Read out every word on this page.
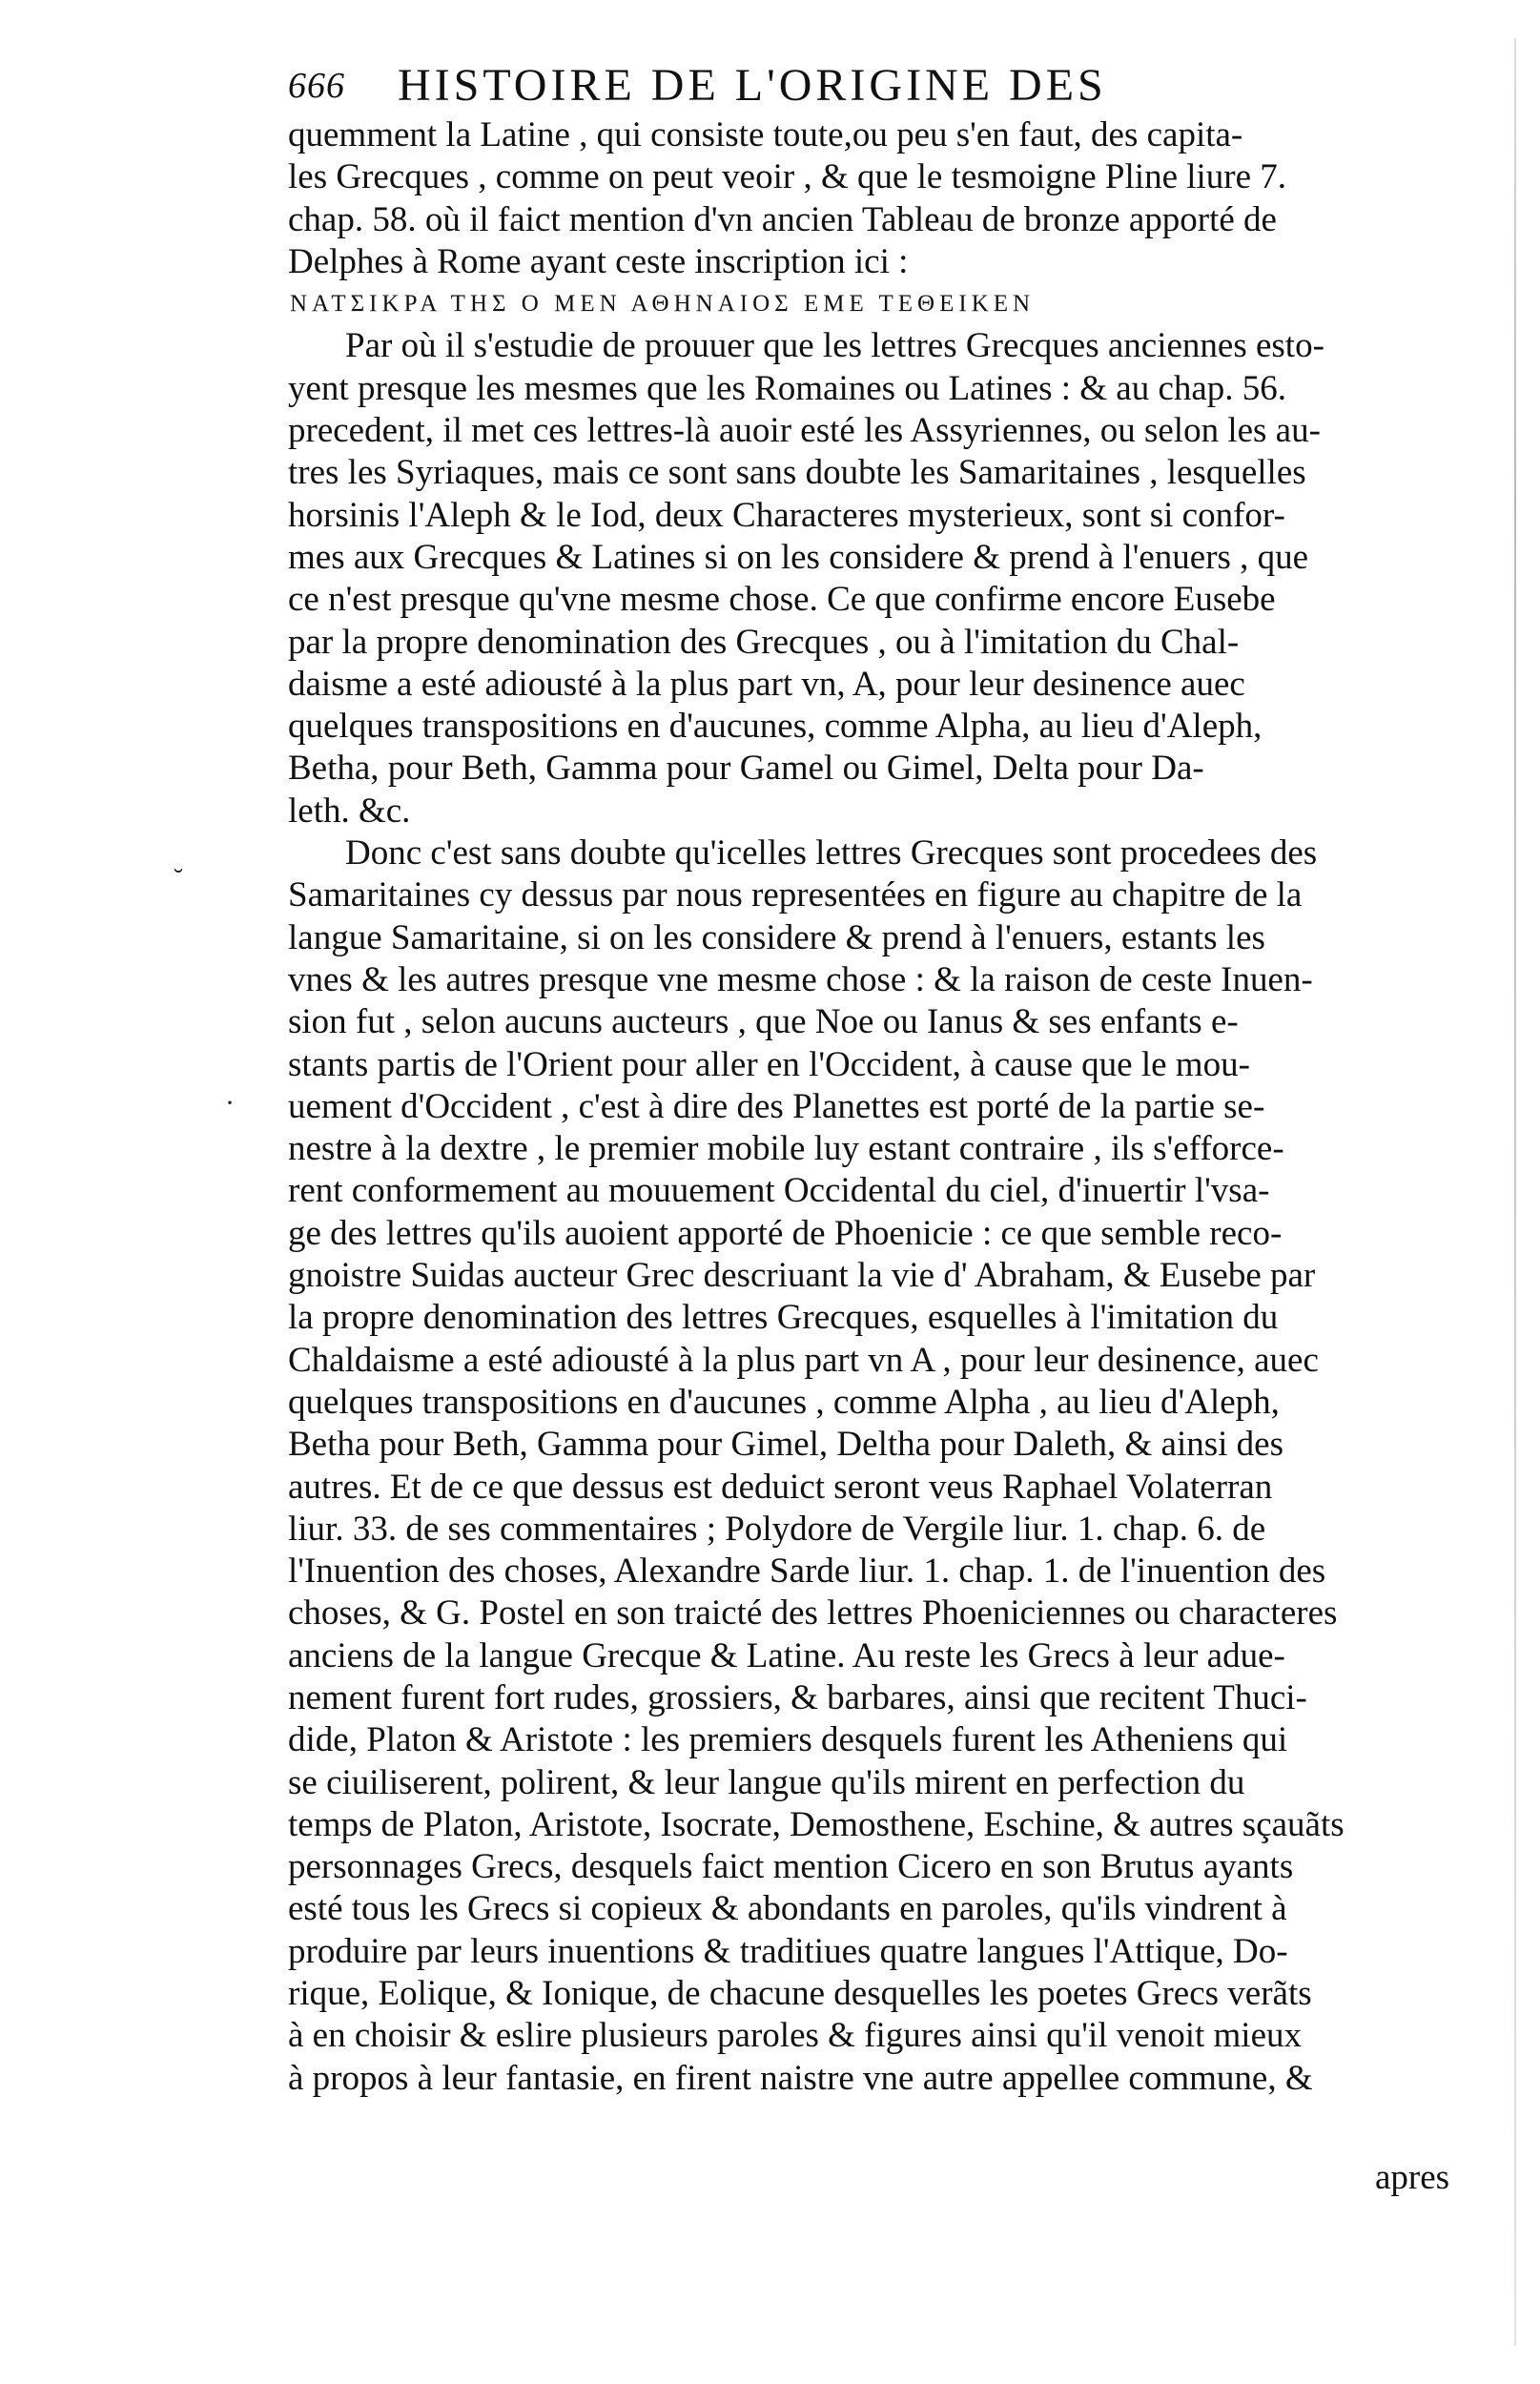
666 HISTOIRE DE L'ORIGINE DES
quemment la Latine , qui consiste toute,ou peu s'en faut, des capita-
les Grecques , comme on peut veoir , & que le tesmoigne Pline liure 7.
chap. 58. où il faict mention d'vn ancien Tableau de bronze apporté de
Delphes à Rome ayant ceste inscription ici :
ΝΑΤΣΙΚΡΑ ΤΗΣ Ο ΜΕΝ ΑΘΗΝΑΙΟΣ ΕΜΕ ΤΕΘΕΙΚΕΝ
Par où il s'estudie de prouuer que les lettres Grecques anciennes esto-
yent presque les mesmes que les Romaines ou Latines : & au chap. 56.
precedent, il met ces lettres-là auoir esté les Assyriennes, ou selon les au-
tres les Syriaques, mais ce sont sans doubte les Samaritaines , lesquelles
horsinis l'Aleph & le Iod, deux Characteres mysterieux, sont si confor-
mes aux Grecques & Latines si on les considere & prend à l'enuers , que
ce n'est presque qu'vne mesme chose. Ce que confirme encore Eusebe
par la propre denomination des Grecques , ou à l'imitation du Chal-
daisme a esté adiousté à la plus part vn, A, pour leur desinence auec
quelques transpositions en d'aucunes, comme Alpha, au lieu d'Aleph,
Betha, pour Beth, Gamma pour Gamel ou Gimel, Delta pour Da-
leth. &c.
Donc c'est sans doubte qu'icelles lettres Grecques sont procedees des
Samaritaines cy dessus par nous representées en figure au chapitre de la
langue Samaritaine, si on les considere & prend à l'enuers, estants les
vnes & les autres presque vne mesme chose : & la raison de ceste Inuen-
sion fut , selon aucuns aucteurs , que Noe ou Ianus & ses enfants e-
stants partis de l'Orient pour aller en l'Occident, à cause que le mou-
uement d'Occident , c'est à dire des Planettes est porté de la partie se-
nestre à la dextre , le premier mobile luy estant contraire , ils s'efforce-
rent conformement au mouuement Occidental du ciel, d'inuertir l'vsa-
ge des lettres qu'ils auoient apporté de Phoenicie : ce que semble reco-
gnoistre Suidas aucteur Grec descriuant la vie d' Abraham, & Eusebe par
la propre denomination des lettres Grecques, esquelles à l'imitation du
Chaldaisme a esté adiousté à la plus part vn A , pour leur desinence, auec
quelques transpositions en d'aucunes , comme Alpha , au lieu d'Aleph,
Betha pour Beth, Gamma pour Gimel, Deltha pour Daleth, & ainsi des
autres. Et de ce que dessus est deduict seront veus Raphael Volaterran
liur. 33. de ses commentaires ; Polydore de Vergile liur. 1. chap. 6. de
l'Inuention des choses, Alexandre Sarde liur. 1. chap. 1. de l'inuention des
choses, & G. Postel en son traicté des lettres Phoeniciennes ou characteres
anciens de la langue Grecque & Latine. Au reste les Grecs à leur adue-
nement furent fort rudes, grossiers, & barbares, ainsi que recitent Thuci-
dide, Platon & Aristote : les premiers desquels furent les Atheniens qui
se ciuiliserent, polirent, & leur langue qu'ils mirent en perfection du
temps de Platon, Aristote, Isocrate, Demosthene, Eschine, & autres sçauãts
personnages Grecs, desquels faict mention Cicero en son Brutus ayants
esté tous les Grecs si copieux & abondants en paroles, qu'ils vindrent à
produire par leurs inuentions & traditiues quatre langues l'Attique, Do-
rique, Eolique, & Ionique, de chacune desquelles les poetes Grecs verãts
à en choisir & eslire plusieurs paroles & figures ainsi qu'il venoit mieux
à propos à leur fantasie, en firent naistre vne autre appellee commune, &
apres
˘
·
